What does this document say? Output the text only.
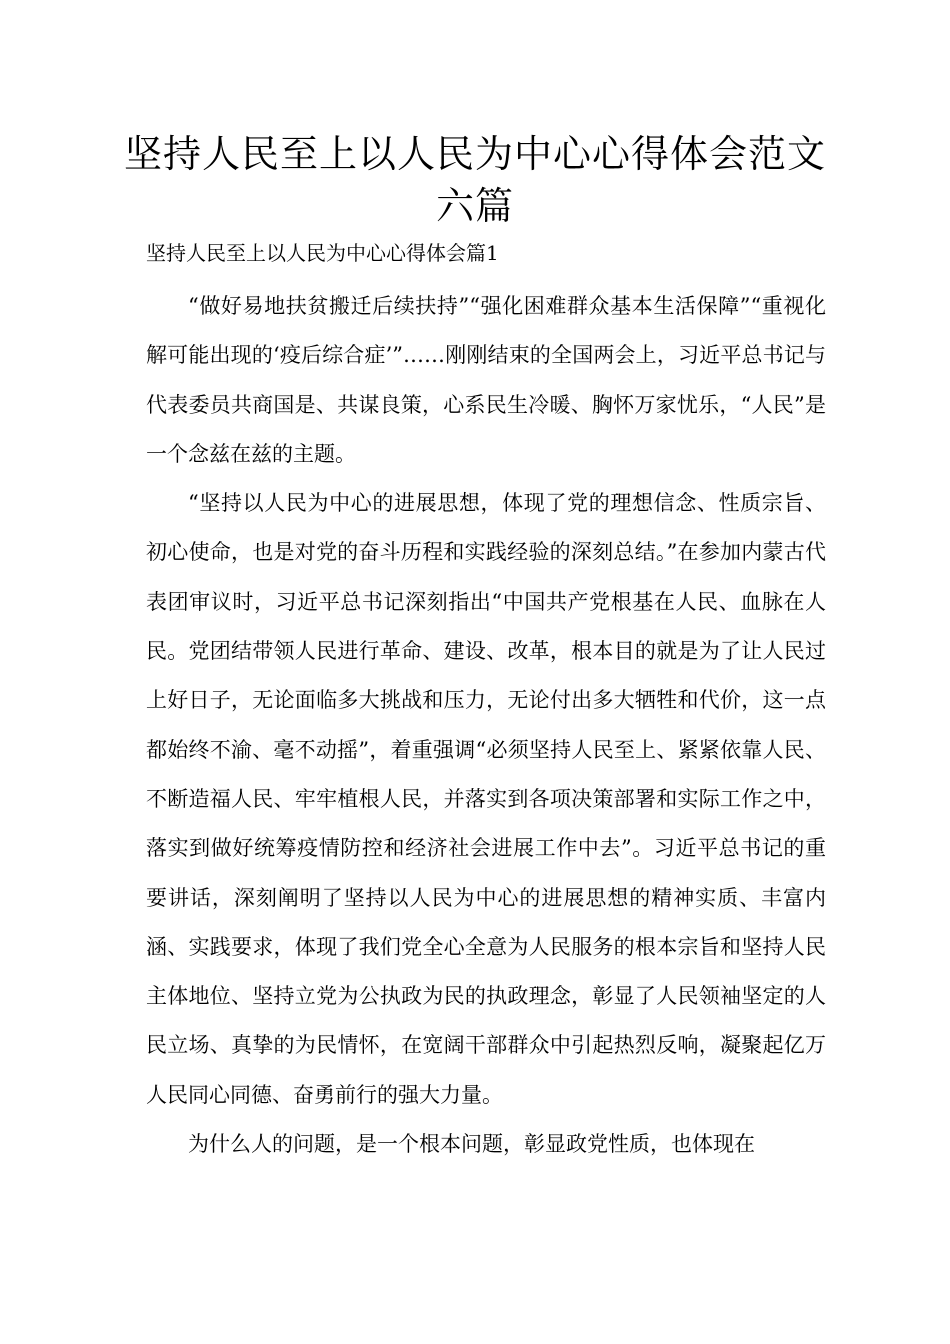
坚持人民至上以人民为中心心得体会范文六篇

坚持人民至上以人民为中心心得体会篇1

“做好易地扶贫搬迁后续扶持”“强化困难群众基本生活保障”“重视化解可能出现的‘疫后综合症’”……刚刚结束的全国两会上，习近平总书记与代表委员共商国是、共谋良策，心系民生冷暖、胸怀万家忧乐，“人民”是一个念兹在兹的主题。

“坚持以人民为中心的进展思想，体现了党的理想信念、性质宗旨、初心使命，也是对党的奋斗历程和实践经验的深刻总结。”在参加内蒙古代表团审议时，习近平总书记深刻指出“中国共产党根基在人民、血脉在人民。党团结带领人民进行革命、建设、改革，根本目的就是为了让人民过上好日子，无论面临多大挑战和压力，无论付出多大牺牲和代价，这一点都始终不渝、毫不动摇”，着重强调“必须坚持人民至上、紧紧依靠人民、不断造福人民、牢牢植根人民，并落实到各项决策部署和实际工作之中，落实到做好统筹疫情防控和经济社会进展工作中去”。习近平总书记的重要讲话，深刻阐明了坚持以人民为中心的进展思想的精神实质、丰富内涵、实践要求，体现了我们党全心全意为人民服务的根本宗旨和坚持人民主体地位、坚持立党为公执政为民的执政理念，彰显了人民领袖坚定的人民立场、真挚的为民情怀，在宽阔干部群众中引起热烈反响，凝聚起亿万人民同心同德、奋勇前行的强大力量。

为什么人的问题，是一个根本问题，彰显政党性质，也体现在
